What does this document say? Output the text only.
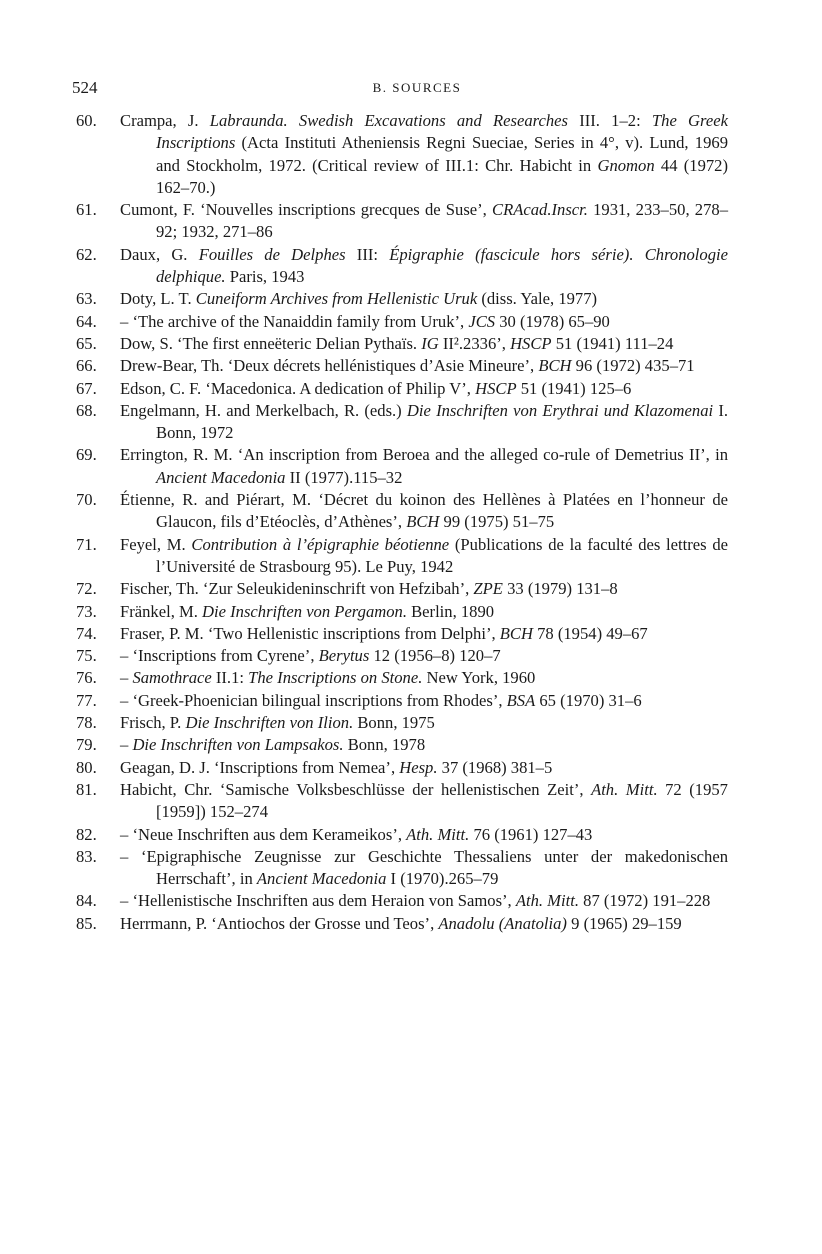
524	B. SOURCES
60. Crampa, J. Labraunda. Swedish Excavations and Researches III. 1–2: The Greek Inscriptions (Acta Instituti Atheniensis Regni Sueciae, Series in 4°, v). Lund, 1969 and Stockholm, 1972. (Critical review of III.1: Chr. Habicht in Gnomon 44 (1972) 162–70.)
61. Cumont, F. ‘Nouvelles inscriptions grecques de Suse’, CRAcad.Inscr. 1931, 233–50, 278–92; 1932, 271–86
62. Daux, G. Fouilles de Delphes III: Épigraphie (fascicule hors série). Chronologie delphique. Paris, 1943
63. Doty, L. T. Cuneiform Archives from Hellenistic Uruk (diss. Yale, 1977)
64. – ‘The archive of the Nanaiddin family from Uruk’, JCS 30 (1978) 65–90
65. Dow, S. ‘The first enneëteric Delian Pythaïs. IG II².2336’, HSCP 51 (1941) 111–24
66. Drew-Bear, Th. ‘Deux décrets hellénistiques d’Asie Mineure’, BCH 96 (1972) 435–71
67. Edson, C. F. ‘Macedonica. A dedication of Philip V’, HSCP 51 (1941) 125–6
68. Engelmann, H. and Merkelbach, R. (eds.) Die Inschriften von Erythrai und Klazomenai I. Bonn, 1972
69. Errington, R. M. ‘An inscription from Beroea and the alleged co-rule of Demetrius II’, in Ancient Macedonia II (1977).115–32
70. Étienne, R. and Piérart, M. ‘Décret du koinon des Hellènes à Platées en l’honneur de Glaucon, fils d’Etéoclès, d’Athènes’, BCH 99 (1975) 51–75
71. Feyel, M. Contribution à l’épigraphie béotienne (Publications de la faculté des lettres de l’Université de Strasbourg 95). Le Puy, 1942
72. Fischer, Th. ‘Zur Seleukideninschrift von Hefzibah’, ZPE 33 (1979) 131–8
73. Fränkel, M. Die Inschriften von Pergamon. Berlin, 1890
74. Fraser, P. M. ‘Two Hellenistic inscriptions from Delphi’, BCH 78 (1954) 49–67
75. – ‘Inscriptions from Cyrene’, Berytus 12 (1956–8) 120–7
76. – Samothrace II.1: The Inscriptions on Stone. New York, 1960
77. – ‘Greek-Phoenician bilingual inscriptions from Rhodes’, BSA 65 (1970) 31–6
78. Frisch, P. Die Inschriften von Ilion. Bonn, 1975
79. – Die Inschriften von Lampsakos. Bonn, 1978
80. Geagan, D. J. ‘Inscriptions from Nemea’, Hesp. 37 (1968) 381–5
81. Habicht, Chr. ‘Samische Volksbeschlüsse der hellenistischen Zeit’, Ath. Mitt. 72 (1957 [1959]) 152–274
82. – ‘Neue Inschriften aus dem Kerameikos’, Ath. Mitt. 76 (1961) 127–43
83. – ‘Epigraphische Zeugnisse zur Geschichte Thessaliens unter der makedonischen Herrschaft’, in Ancient Macedonia I (1970).265–79
84. – ‘Hellenistische Inschriften aus dem Heraion von Samos’, Ath. Mitt. 87 (1972) 191–228
85. Herrmann, P. ‘Antiochos der Grosse und Teos’, Anadolu (Anatolia) 9 (1965) 29–159
